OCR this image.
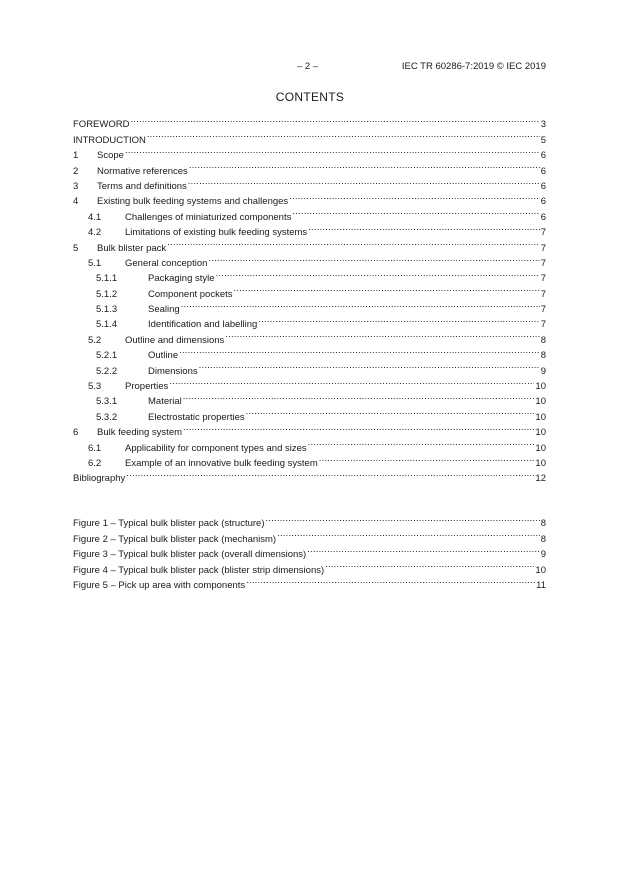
– 2 –	IEC TR 60286-7:2019 © IEC 2019
CONTENTS
FOREWORD .....	3
INTRODUCTION .....	5
1	Scope .....	6
2	Normative references .....	6
3	Terms and definitions .....	6
4	Existing bulk feeding systems and challenges .....	6
4.1	Challenges of miniaturized components .....	6
4.2	Limitations of existing bulk feeding systems .....	7
5	Bulk blister pack .....	7
5.1	General conception .....	7
5.1.1	Packaging style .....	7
5.1.2	Component pockets .....	7
5.1.3	Sealing .....	7
5.1.4	Identification and labelling .....	7
5.2	Outline and dimensions .....	8
5.2.1	Outline .....	8
5.2.2	Dimensions .....	9
5.3	Properties .....	10
5.3.1	Material .....	10
5.3.2	Electrostatic properties .....	10
6	Bulk feeding system .....	10
6.1	Applicability for component types and sizes .....	10
6.2	Example of an innovative bulk feeding system .....	10
Bibliography .....	12
Figure 1 – Typical bulk blister pack (structure) .....	8
Figure 2 – Typical bulk blister pack (mechanism) .....	8
Figure 3 – Typical bulk blister pack (overall dimensions) .....	9
Figure 4 – Typical bulk blister pack (blister strip dimensions) .....	10
Figure 5 – Pick up area with components .....	11
